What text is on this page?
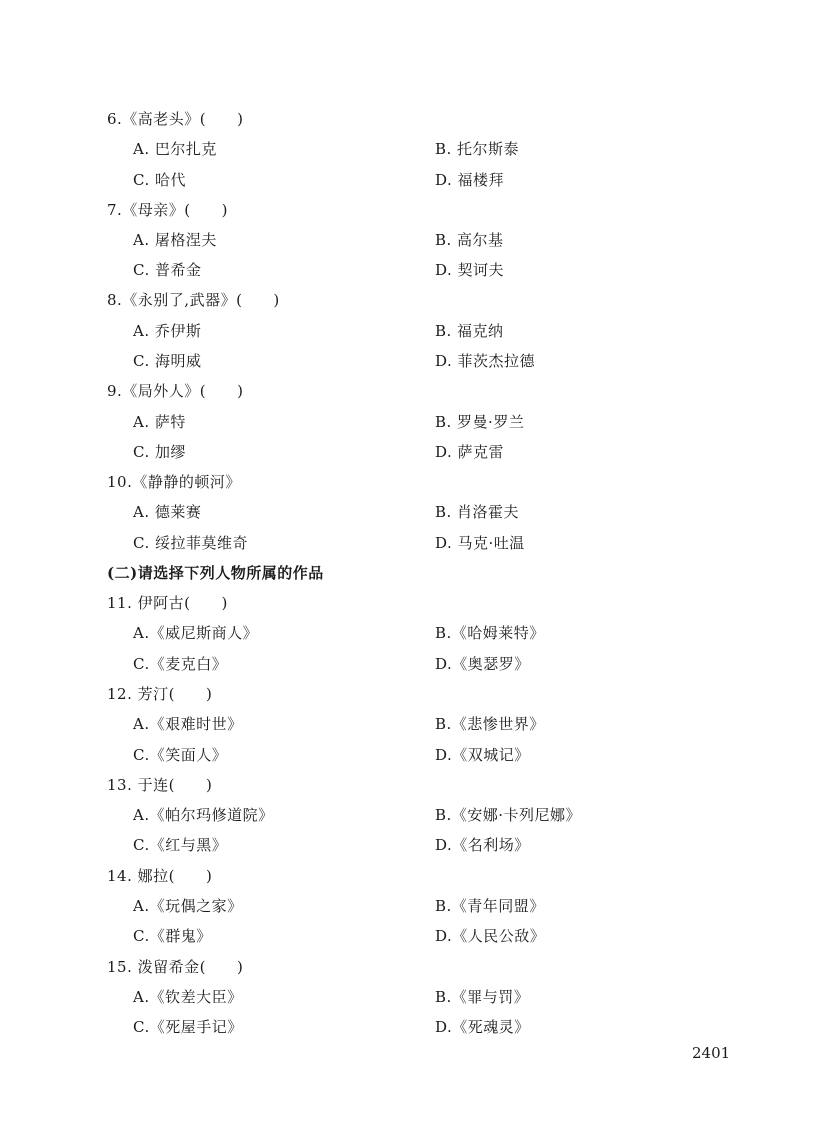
6.《高老头》(　　)
A. 巴尔扎克	B. 托尔斯泰
C. 哈代	D. 福楼拜
7.《母亲》(　　)
A. 屠格涅夫	B. 高尔基
C. 普希金	D. 契诃夫
8.《永别了,武器》(　　)
A. 乔伊斯	B. 福克纳
C. 海明威	D. 菲茨杰拉德
9.《局外人》(　　)
A. 萨特	B. 罗曼·罗兰
C. 加缪	D. 萨克雷
10.《静静的顿河》
A. 德莱赛	B. 肖洛霍夫
C. 绥拉菲莫维奇	D. 马克·吐温
(二)请选择下列人物所属的作品
11. 伊阿古(　　)
A.《威尼斯商人》	B.《哈姆莱特》
C.《麦克白》	D.《奥瑟罗》
12. 芳汀(　　)
A.《艰难时世》	B.《悲惨世界》
C.《笑面人》	D.《双城记》
13. 于连(　　)
A.《帕尔玛修道院》	B.《安娜·卡列尼娜》
C.《红与黑》	D.《名利场》
14. 娜拉(　　)
A.《玩偶之家》	B.《青年同盟》
C.《群鬼》	D.《人民公敌》
15. 泼留希金(　　)
A.《钦差大臣》	B.《罪与罚》
C.《死屋手记》	D.《死魂灵》
2401
